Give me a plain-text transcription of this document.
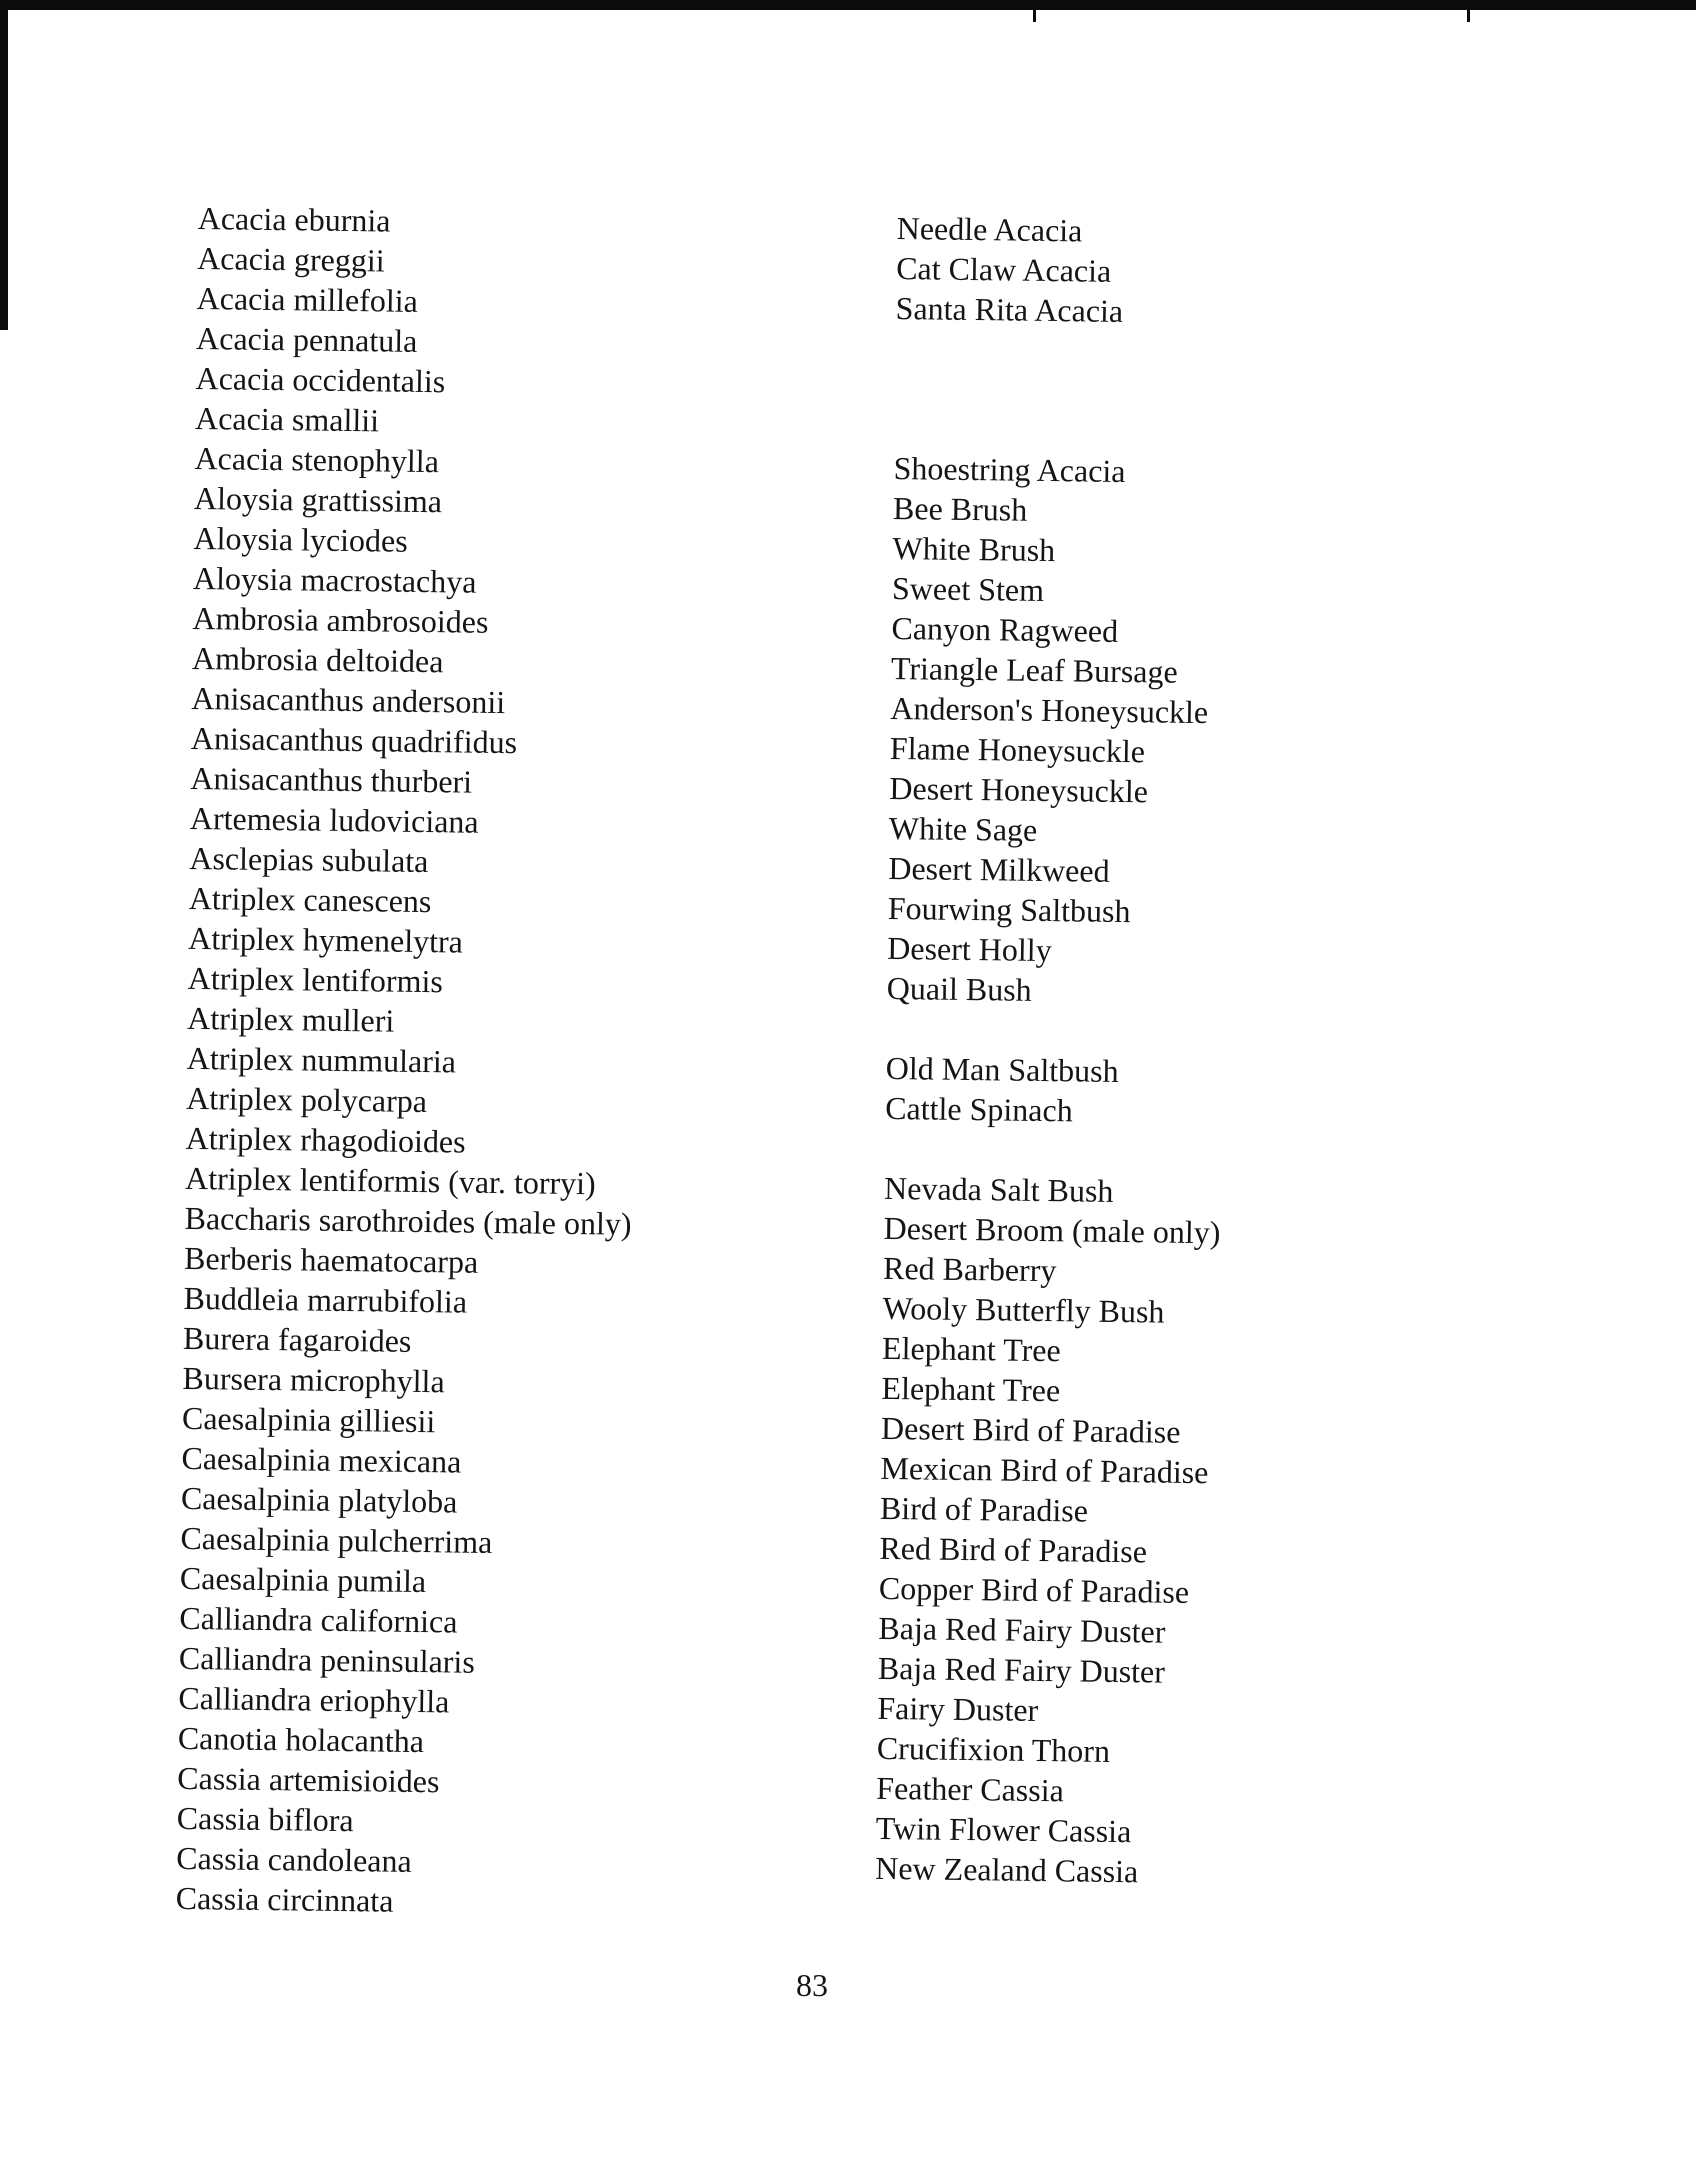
Acacia eburnia
Acacia greggii
Acacia millefolia
Acacia pennatula
Acacia occidentalis
Acacia smallii
Acacia stenophylla
Aloysia grattissima
Aloysia lyciodes
Aloysia macrostachya
Ambrosia ambrosoides
Ambrosia deltoidea
Anisacanthus andersonii
Anisacanthus quadrifidus
Anisacanthus thurberi
Artemesia ludoviciana
Asclepias subulata
Atriplex canescens
Atriplex hymenelytra
Atriplex lentiformis
Atriplex mulleri
Atriplex nummularia
Atriplex polycarpa
Atriplex rhagodioides
Atriplex lentiformis (var. torryi)
Baccharis sarothroides (male only)
Berberis haematocarpa
Buddleia marrubifolia
Burera fagaroides
Bursera microphylla
Caesalpinia gilliesii
Caesalpinia mexicana
Caesalpinia platyloba
Caesalpinia pulcherrima
Caesalpinia pumila
Calliandra californica
Calliandra peninsularis
Calliandra eriophylla
Canotia holacantha
Cassia artemisioides
Cassia biflora
Cassia candoleana
Cassia circinnata
Needle Acacia
Cat Claw Acacia
Santa Rita Acacia
Shoestring Acacia
Bee Brush
White Brush
Sweet Stem
Canyon Ragweed
Triangle Leaf Bursage
Anderson's Honeysuckle
Flame Honeysuckle
Desert Honeysuckle
White Sage
Desert Milkweed
Fourwing Saltbush
Desert Holly
Quail Bush
Old Man Saltbush
Cattle Spinach
Nevada Salt Bush
Desert Broom (male only)
Red Barberry
Wooly Butterfly Bush
Elephant Tree
Elephant Tree
Desert Bird of Paradise
Mexican Bird of Paradise
Bird of Paradise
Red Bird of Paradise
Copper Bird of Paradise
Baja Red Fairy Duster
Baja Red Fairy Duster
Fairy Duster
Crucifixion Thorn
Feather Cassia
Twin Flower Cassia
New Zealand Cassia
83
